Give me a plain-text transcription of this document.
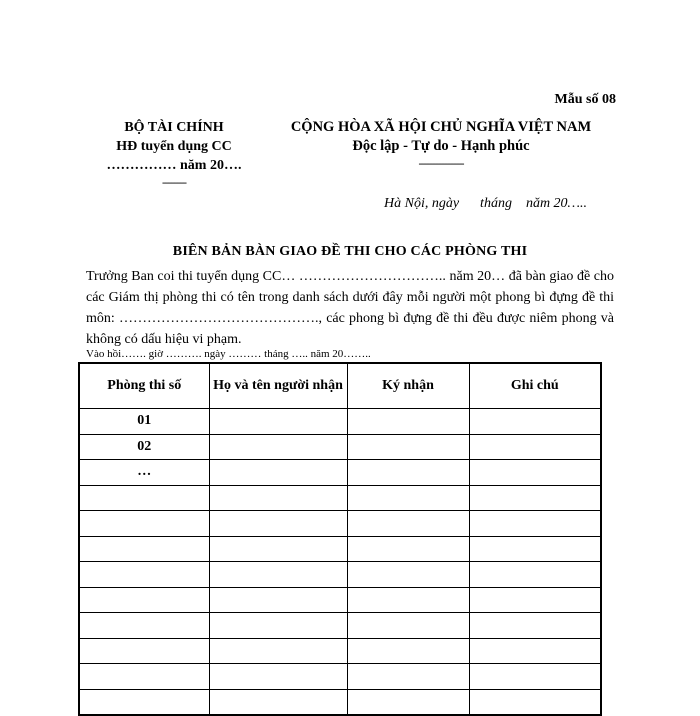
Mẫu số 08
BỘ TÀI CHÍNH
HĐ tuyển dụng CC
…………… năm 20….
--------
CỘNG HÒA XÃ HỘI CHỦ NGHĨA VIỆT NAM
Độc lập - Tự do - Hạnh phúc
---------------
Hà Nội, ngày      tháng    năm 20…..
BIÊN BẢN BÀN GIAO ĐỀ THI CHO CÁC PHÒNG THI
Trưởng Ban coi thi tuyển dụng CC… ………………………….. năm 20… đã bàn giao đề cho các Giám thị phòng thi có tên trong danh sách dưới đây mỗi người một phong bì đựng đề thi môn: ……………………………………., các phong bì đựng đề thi đều được niêm phong và không có dấu hiệu vi phạm.
Vào hồi……. giờ ………. ngày ……… tháng ….. năm 20……..
Phòng thi số	Họ và tên người nhận	Ký nhận	Ghi chú
01			
02			
…			
